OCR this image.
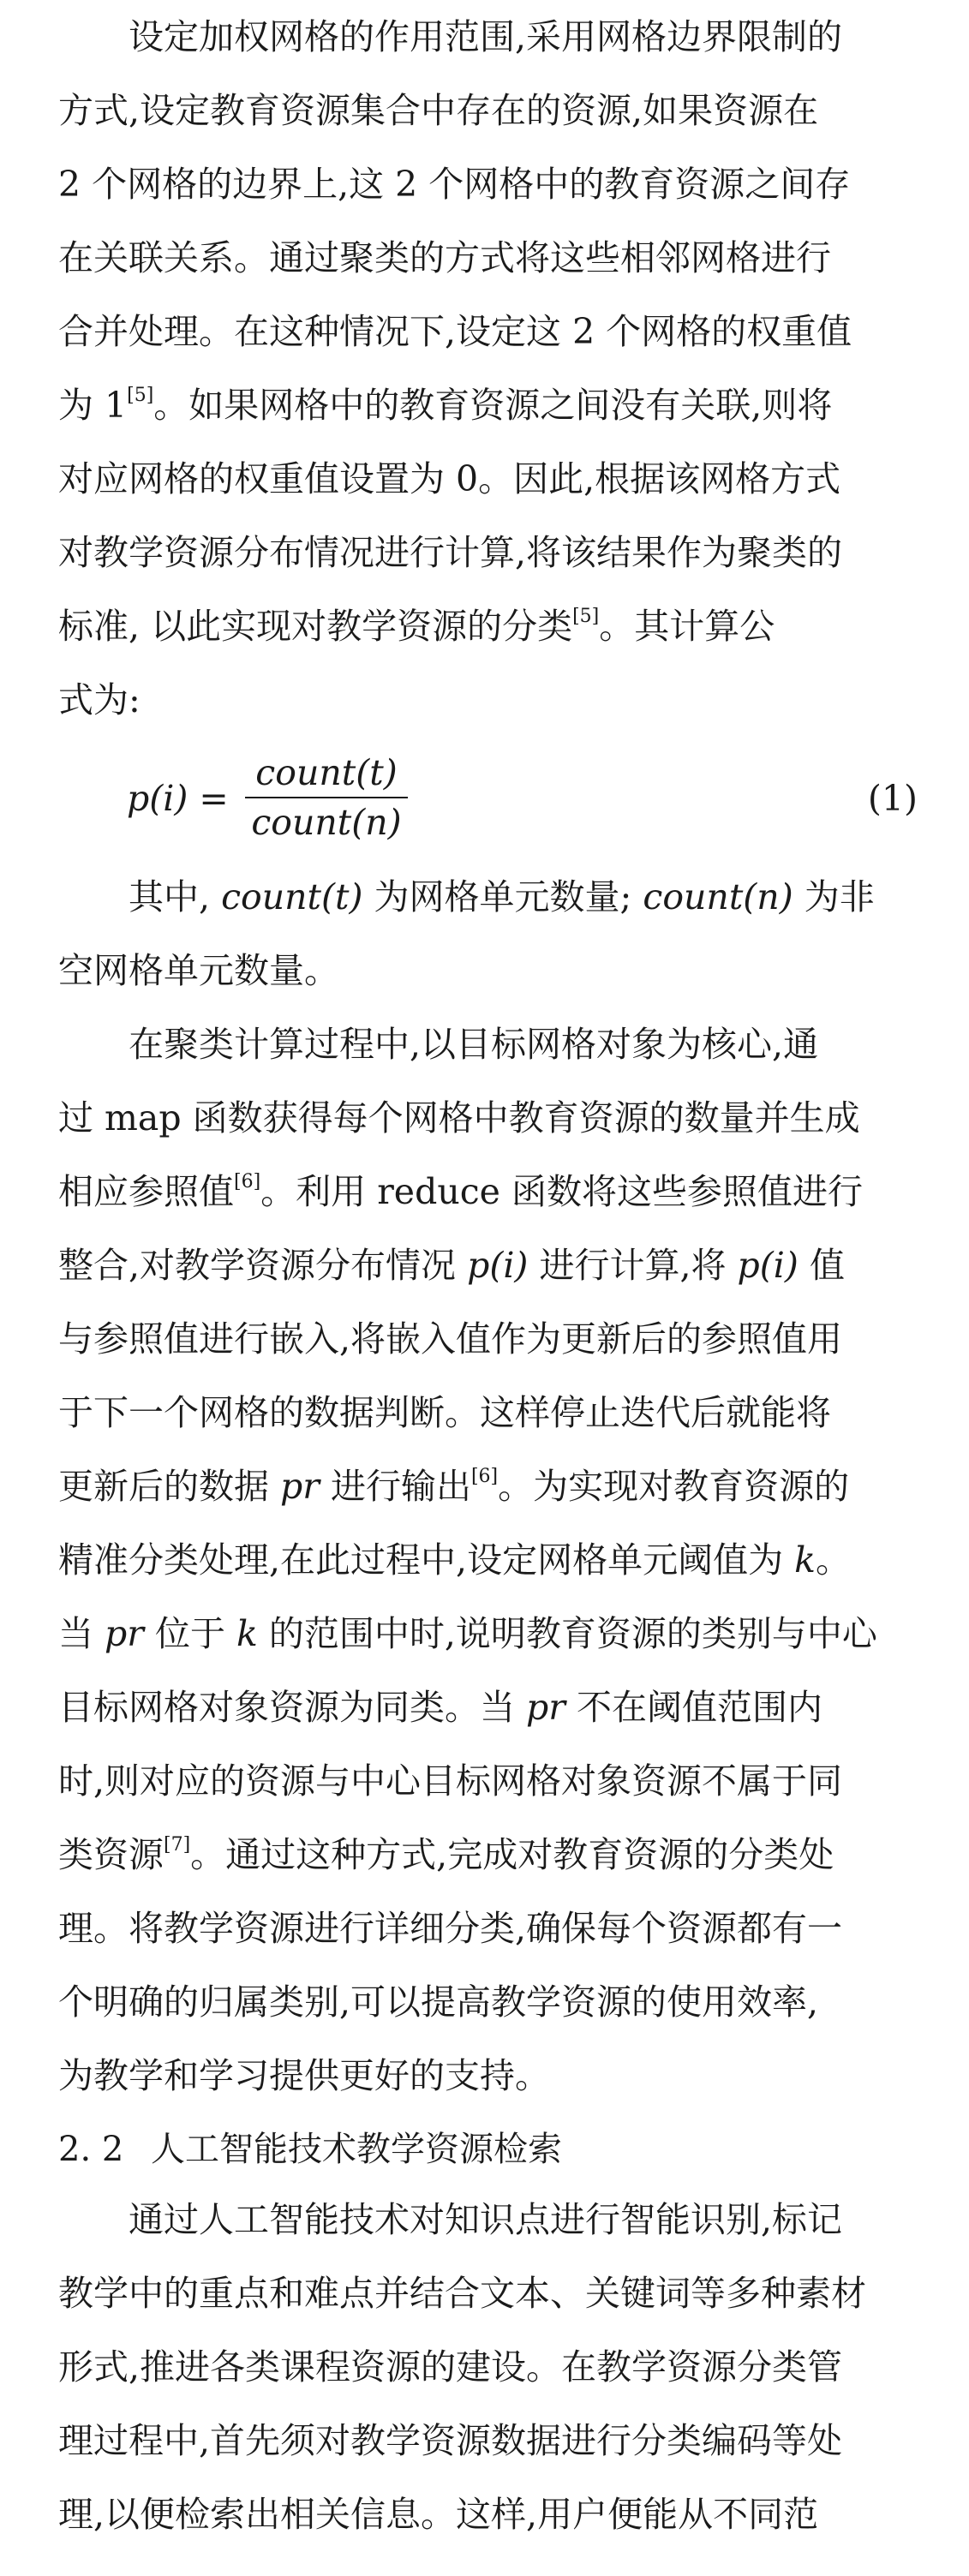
设定加权网格的作用范围,采用网格边界限制的
方式,设定教育资源集合中存在的资源,如果资源在
2 个网格的边界上,这 2 个网格中的教育资源之间存
在关联关系。通过聚类的方式将这些相邻网格进行
合并处理。在这种情况下,设定这 2 个网格的权重值
为 1[5]。如果网格中的教育资源之间没有关联,则将
对应网格的权重值设置为 0。因此,根据该网格方式
对教学资源分布情况进行计算,将该结果作为聚类的
标准, 以此实现对教学资源的分类[5]。其计算公
式为:
p(i) =
count(t)
count(n)
(1)
其中, count(t) 为网格单元数量; count(n) 为非
空网格单元数量。
在聚类计算过程中,以目标网格对象为核心,通
过 map 函数获得每个网格中教育资源的数量并生成
相应参照值[6]。利用 reduce 函数将这些参照值进行
整合,对教学资源分布情况 p(i) 进行计算,将 p(i) 值
与参照值进行嵌入,将嵌入值作为更新后的参照值用
于下一个网格的数据判断。这样停止迭代后就能将
更新后的数据 pr 进行输出[6]。为实现对教育资源的
精准分类处理,在此过程中,设定网格单元阈值为 k。
当 pr 位于 k 的范围中时,说明教育资源的类别与中心
目标网格对象资源为同类。当 pr 不在阈值范围内
时,则对应的资源与中心目标网格对象资源不属于同
类资源[7]。通过这种方式,完成对教育资源的分类处
理。将教学资源进行详细分类,确保每个资源都有一
个明确的归属类别,可以提高教学资源的使用效率,
为教学和学习提供更好的支持。
2. 2 人工智能技术教学资源检索
通过人工智能技术对知识点进行智能识别,标记
教学中的重点和难点并结合文本、关键词等多种素材
形式,推进各类课程资源的建设。在教学资源分类管
理过程中,首先须对教学资源数据进行分类编码等处
理,以便检索出相关信息。这样,用户便能从不同范
